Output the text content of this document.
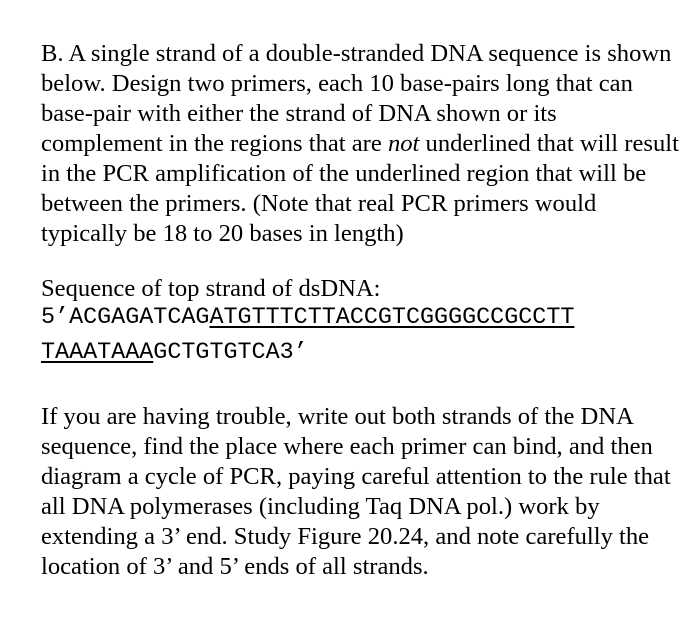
B. A single strand of a double-stranded DNA sequence is shown
below. Design two primers, each 10 base-pairs long that can
base-pair with either the strand of DNA shown or its
complement in the regions that are not underlined that will result
in the PCR amplification of the underlined region that will be
between the primers. (Note that real PCR primers would
typically be 18 to 20 bases in length)
Sequence of top strand of dsDNA:
5’ACGAGATCAGATGTTTCTTACCGTCGGGGCCGCCTT
TAAATAAAGCTGTGTCA3’
If you are having trouble, write out both strands of the DNA
sequence, find the place where each primer can bind, and then
diagram a cycle of PCR, paying careful attention to the rule that
all DNA polymerases (including Taq DNA pol.) work by
extending a 3’ end. Study Figure 20.24, and note carefully the
location of 3’ and 5’ ends of all strands.
